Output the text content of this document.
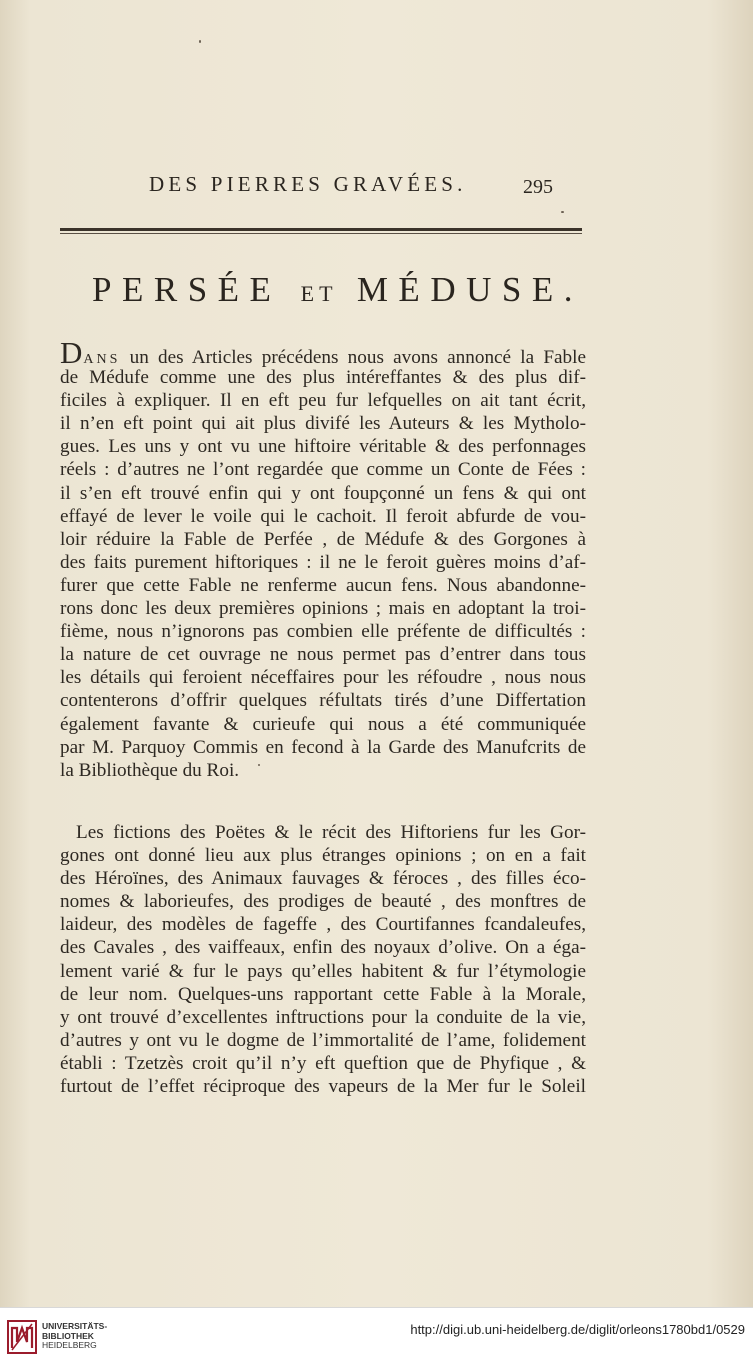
DES PIERRES GRAVÉES.	295
PERSÉE ET MÉDUSE.
DANS un des Articles précédens nous avons annoncé la Fable
de Médufe comme une des plus intéreffantes & des plus dif-
ficiles à expliquer. Il en eft peu fur lefquelles on ait tant écrit,
il n’en eft point qui ait plus divifé les Auteurs & les Mytholo-
gues. Les uns y ont vu une hiftoire véritable & des perfonnages
réels : d’autres ne l’ont regardée que comme un Conte de Fées :
il s’en eft trouvé enfin qui y ont foupçonné un fens & qui ont
effayé de lever le voile qui le cachoit. Il feroit abfurde de vou-
loir réduire la Fable de Perfée , de Médufe & des Gorgones à
des faits purement hiftoriques : il ne le feroit guères moins d’af-
furer que cette Fable ne renferme aucun fens. Nous abandonne-
rons donc les deux premières opinions ; mais en adoptant la troi-
fième, nous n’ignorons pas combien elle préfente de difficultés :
la nature de cet ouvrage ne nous permet pas d’entrer dans tous
les détails qui feroient néceffaires pour les réfoudre , nous nous
contenterons d’offrir quelques réfultats tirés d’une Differtation
également favante & curieufe qui nous a été communiquée
par M. Parquoy Commis en fecond à la Garde des Manufcrits de
la Bibliothèque du Roi.
Les fictions des Poëtes & le récit des Hiftoriens fur les Gor-
gones ont donné lieu aux plus étranges opinions ; on en a fait
des Héroïnes, des Animaux fauvages & féroces , des filles éco-
nomes & laborieufes, des prodiges de beauté , des monftres de
laideur, des modèles de fageffe , des Courtifannes fcandaleufes,
des Cavales , des vaiffeaux, enfin des noyaux d’olive. On a éga-
lement varié & fur le pays qu’elles habitent & fur l’étymologie
de leur nom. Quelques-uns rapportant cette Fable à la Morale,
y ont trouvé d’excellentes inftructions pour la conduite de la vie,
d’autres y ont vu le dogme de l’immortalité de l’ame, folidement
établi : Tzetzès croit qu’il n’y eft queftion que de Phyfique , &
furtout de l’effet réciproque des vapeurs de la Mer fur le Soleil
UNIVERSITÄTS-
BIBLIOTHEK
HEIDELBERG
http://digi.ub.uni-heidelberg.de/diglit/orleons1780bd1/0529
